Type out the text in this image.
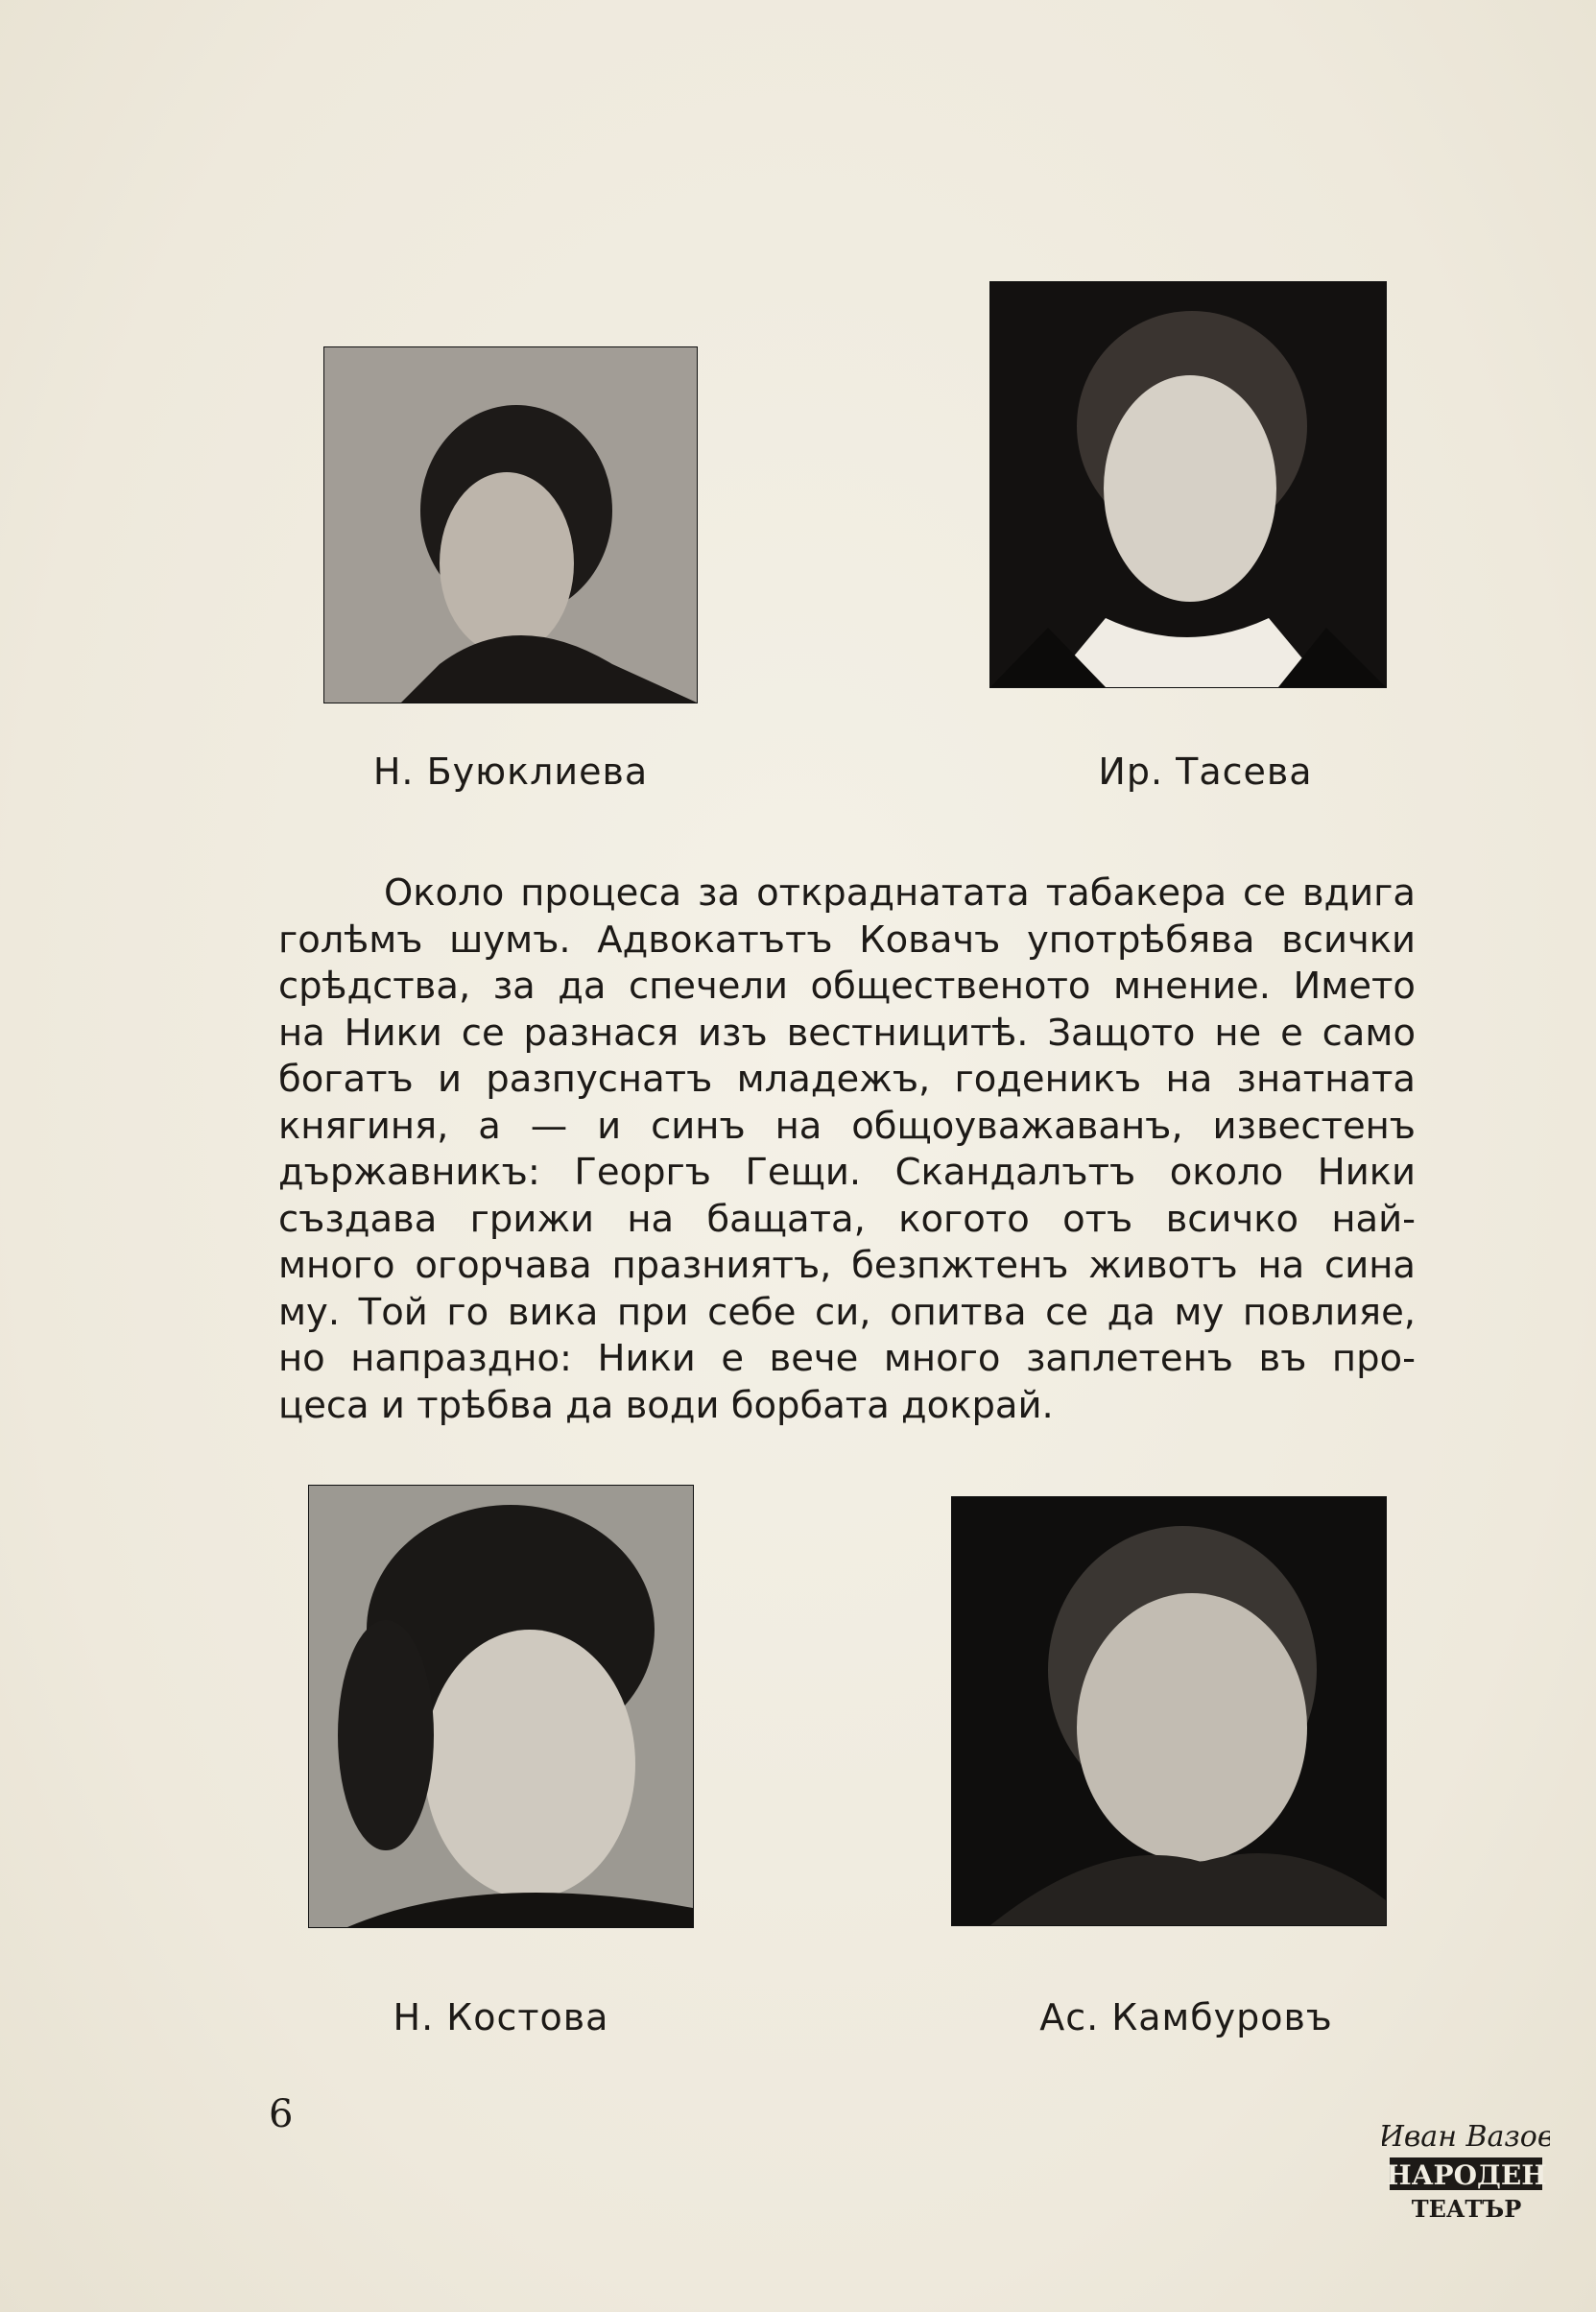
Н. Буюклиева	Ир. Тасева
Около процеса за откраднатата табакера се вдига
голѣмъ шумъ. Адвокатътъ Ковачъ употрѣбява всички
срѣдства, за да спечели общественото мнение. Името
на Ники се разнася изъ вестницитѣ. Защото не е само
богатъ и разпуснатъ младежъ, годеникъ на знатната
княгиня, а — и синъ на общоуважаванъ, известенъ
държавникъ: Георгъ Гещи. Скандалътъ около Ники
създава грижи на бащата, когото отъ всичко най-
много огорчава празниятъ, безпжтенъ животъ на сина
му. Той го вика при себе си, опитва се да му повлияе,
но напраздно: Ники е вече много заплетенъ въ про-
цеса и трѣбва да води борбата докрай.
Н. Костова	Ас. Камбуровъ
6
Иван Вазов
НАРОДЕН
ТЕАТЪР
